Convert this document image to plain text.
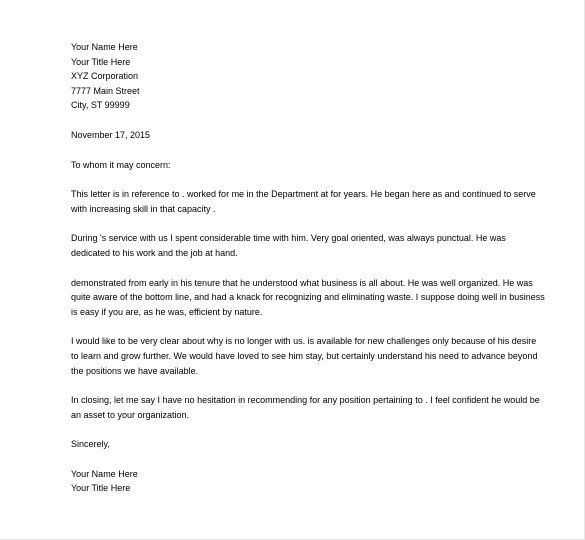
Your Name Here
Your Title Here
XYZ Corporation
7777 Main Street
City, ST 99999
November 17, 2015
To whom it may concern:
This letter is in reference to . worked for me in the Department at for years. He began here as and continued to serve
with increasing skill in that capacity .
During 's service with us I spent considerable time with him. Very goal oriented, was always punctual. He was
dedicated to his work and the job at hand.
demonstrated from early in his tenure that he understood what business is all about. He was well organized. He was
quite aware of the bottom line, and had a knack for recognizing and eliminating waste. I suppose doing well in business
is easy if you are, as he was, efficient by nature.
I would like to be very clear about why is no longer with us. is available for new challenges only because of his desire
to learn and grow further. We would have loved to see him stay, but certainly understand his need to advance beyond
the positions we have available.
In closing, let me say I have no hesitation in recommending for any position pertaining to . I feel confident he would be
an asset to your organization.
Sincerely,
Your Name Here
Your Title Here
